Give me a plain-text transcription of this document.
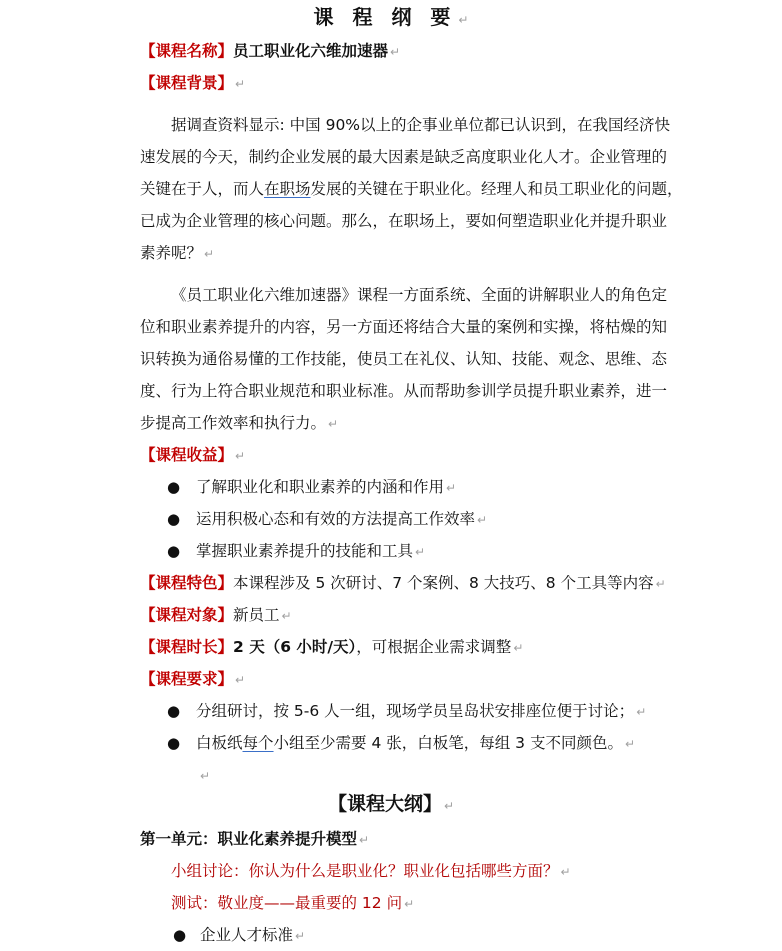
课 程 纲 要 ↵
【课程名称】员工职业化六维加速器 ↵
【课程背景】 ↵
据调查资料显示: 中国 90%以上的企事业单位都已认识到，在我国经济快
速发展的今天，制约企业发展的最大因素是缺乏高度职业化人才。企业管理的
关键在于人，而人在职场发展的关键在于职业化。经理人和员工职业化的问题，
已成为企业管理的核心问题。那么，在职场上，要如何塑造职业化并提升职业
素养呢？ ↵
《员工职业化六维加速器》课程一方面系统、全面的讲解职业人的角色定
位和职业素养提升的内容，另一方面还将结合大量的案例和实操，将枯燥的知
识转换为通俗易懂的工作技能，使员工在礼仪、认知、技能、观念、思维、态
度、行为上符合职业规范和职业标准。从而帮助参训学员提升职业素养，进一
步提高工作效率和执行力。 ↵
【课程收益】 ↵
● 了解职业化和职业素养的内涵和作用 ↵
● 运用积极心态和有效的方法提高工作效率 ↵
● 掌握职业素养提升的技能和工具 ↵
【课程特色】本课程涉及 5 次研讨、7 个案例、8 大技巧、8 个工具等内容 ↵
【课程对象】新员工 ↵
【课程时长】2 天（6 小时/天），可根据企业需求调整 ↵
【课程要求】 ↵
● 分组研讨，按 5-6 人一组，现场学员呈岛状安排座位便于讨论； ↵
● 白板纸每个小组至少需要 4 张，白板笔，每组 3 支不同颜色。 ↵
↵
【课程大纲】 ↵
第一单元：职业化素养提升模型 ↵
小组讨论：你认为什么是职业化？职业化包括哪些方面？ ↵
测试：敬业度——最重要的 12 问 ↵
● 企业人才标准 ↵
